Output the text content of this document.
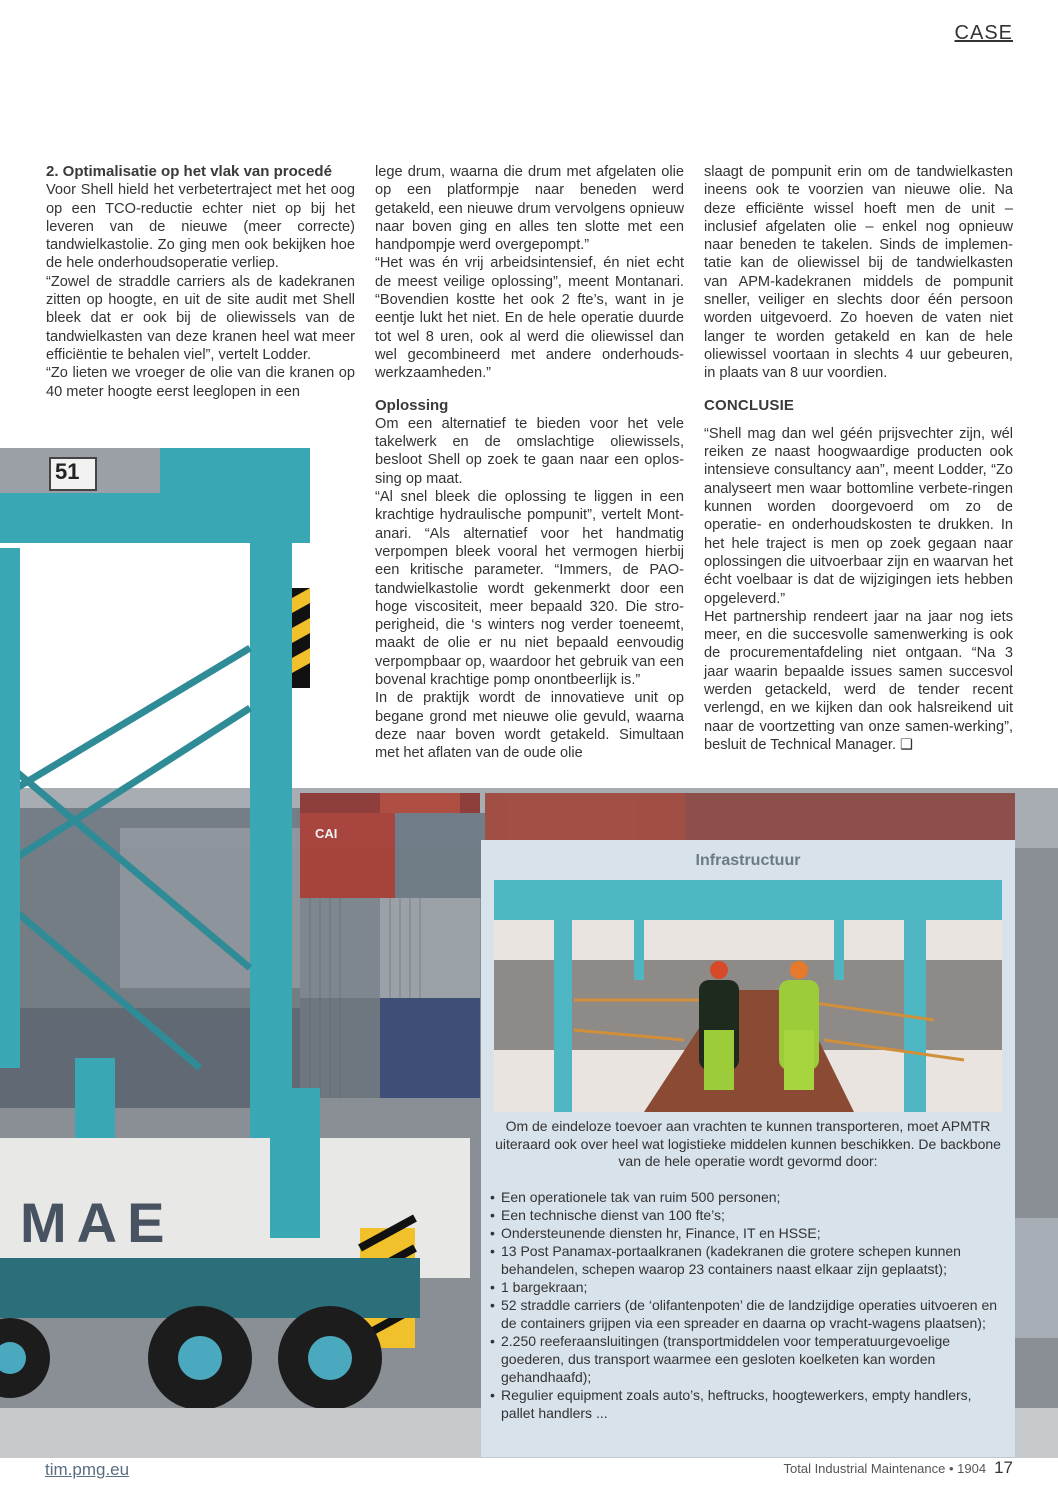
CASE
51
CAI
MAE
2. Optimalisatie op het vlak van procedé

Voor Shell hield het verbetertraject met het oog op een TCO-reductie echter niet op bij het leveren van de nieuwe (meer correcte) tandwielkastolie. Zo ging men ook bekijken hoe de hele onderhoudsoperatie verliep.

“Zowel de straddle carriers als de kadekranen zitten op hoogte, en uit de site audit met Shell bleek dat er ook bij de oliewissels van de tandwielkasten van deze kranen heel wat meer efficiëntie te behalen viel”, vertelt Lodder.

“Zo lieten we vroeger de olie van die kranen op 40 meter hoogte eerst leeglopen in een

lege drum, waarna die drum met afgelaten olie op een platformpje naar beneden werd getakeld, een nieuwe drum vervolgens opnieuw naar boven ging en alles ten slotte met een handpompje werd overgepompt.”

“Het was én vrij arbeidsintensief, én niet echt de meest veilige oplossing”, meent Montanari. “Bovendien kostte het ook 2 fte’s, want in je eentje lukt het niet. En de hele operatie duurde tot wel 8 uren, ook al werd die oliewissel dan wel gecombineerd met andere onderhouds-werkzaamheden.”

Oplossing

Om een alternatief te bieden voor het vele takelwerk en de omslachtige oliewissels, besloot Shell op zoek te gaan naar een oplos-sing op maat.

“Al snel bleek die oplossing te liggen in een krachtige hydraulische pompunit”, vertelt Mont-anari. “Als alternatief voor het handmatig verpompen bleek vooral het vermogen hierbij een kritische parameter. “Immers, de PAO-tandwielkastolie wordt gekenmerkt door een hoge viscositeit, meer bepaald 320. Die stro-perigheid, die ‘s winters nog verder toeneemt, maakt de olie er nu niet bepaald eenvoudig verpompbaar op, waardoor het gebruik van een bovenal krachtige pomp onontbeerlijk is.”

In de praktijk wordt de innovatieve unit op begane grond met nieuwe olie gevuld, waarna deze naar boven wordt getakeld. Simultaan met het aflaten van de oude olie

slaagt de pompunit erin om de tandwielkasten ineens ook te voorzien van nieuwe olie. Na deze efficiënte wissel hoeft men de unit – inclusief afgelaten olie – enkel nog opnieuw naar beneden te takelen. Sinds de implemen-tatie kan de oliewissel bij de tandwielkasten van APM-kadekranen middels de pompunit sneller, veiliger en slechts door één persoon worden uitgevoerd. Zo hoeven de vaten niet langer te worden getakeld en kan de hele oliewissel voortaan in slechts 4 uur gebeuren, in plaats van 8 uur voordien.

CONCLUSIE

“Shell mag dan wel géén prijsvechter zijn, wél reiken ze naast hoogwaardige producten ook intensieve consultancy aan”, meent Lodder, “Zo analyseert men waar bottomline verbete-ringen kunnen worden doorgevoerd om zo de operatie- en onderhoudskosten te drukken. In het hele traject is men op zoek gegaan naar oplossingen die uitvoerbaar zijn en waarvan het écht voelbaar is dat de wijzigingen iets hebben opgeleverd.”

Het partnership rendeert jaar na jaar nog iets meer, en die succesvolle samenwerking is ook de procurementafdeling niet ontgaan. “Na 3 jaar waarin bepaalde issues samen succesvol werden getackeld, werd de tender recent verlengd, en we kijken dan ook halsreikend uit naar de voortzetting van onze samen-werking”, besluit de Technical Manager. ❑

Infrastructuur
Om de eindeloze toevoer aan vrachten te kunnen transporteren, moet APMTR uiteraard ook over heel wat logistieke middelen kunnen beschikken. De backbone van de hele operatie wordt gevormd door:
• Een operationele tak van ruim 500 personen;
• Een technische dienst van 100 fte’s;
• Ondersteunende diensten hr, Finance, IT en HSSE;
• 13 Post Panamax-portaalkranen (kadekranen die grotere schepen kunnen behandelen, schepen waarop 23 containers naast elkaar zijn geplaatst);
• 1 bargekraan;
• 52 straddle carriers (de ‘olifantenpoten’ die de landzijdige operaties uitvoeren en de containers grijpen via een spreader en daarna op vracht-wagens plaatsen);
• 2.250 reeferaansluitingen (transportmiddelen voor temperatuurgevoelige goederen, dus transport waarmee een gesloten koelketen kan worden gehandhaafd);
• Regulier equipment zoals auto’s, heftrucks, hoogtewerkers, empty handlers, pallet handlers ...
tim.pmg.eu	Total Industrial Maintenance • 1904 17
